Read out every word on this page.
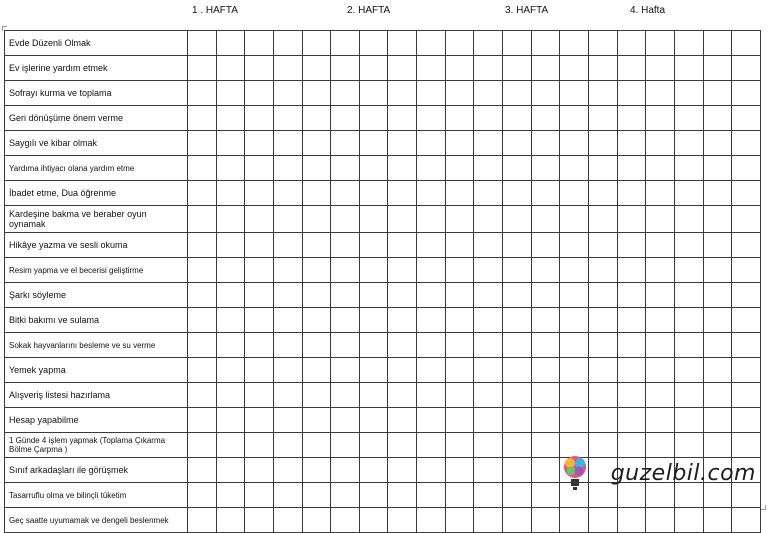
1 . HAFTA	2. HAFTA	3. HAFTA	4. Hafta
Evde Düzenli Olmak																				
Ev işlerine yardım etmek																				
Sofrayı kurma ve toplama																				
Geri dönüşüme önem verme																				
Saygılı ve kibar olmak																				
Yardıma ihtiyacı olana yardım etme																				
İbadet etme, Dua öğrenme																				
Kardeşine bakma ve beraber oyun oynamak																				
Hikâye yazma ve sesli okuma																				
Resim yapma ve el becerisi geliştirme																				
Şarkı söyleme																				
Bitki bakımı ve sulama																				
Sokak hayvanlarını besleme ve su verme																				
Yemek yapma																				
Alışveriş listesi hazırlama																				
Hesap yapabilme																				
1 Günde 4 işlem yapmak (Toplama Çıkarma Bölme Çarpma )																				
Sınıf arkadaşları ile görüşmek																				
Tasarruflu olma ve bilinçli tüketim																				
Geç saatte uyumamak ve dengeli beslenmek																				
guzelbil.com
